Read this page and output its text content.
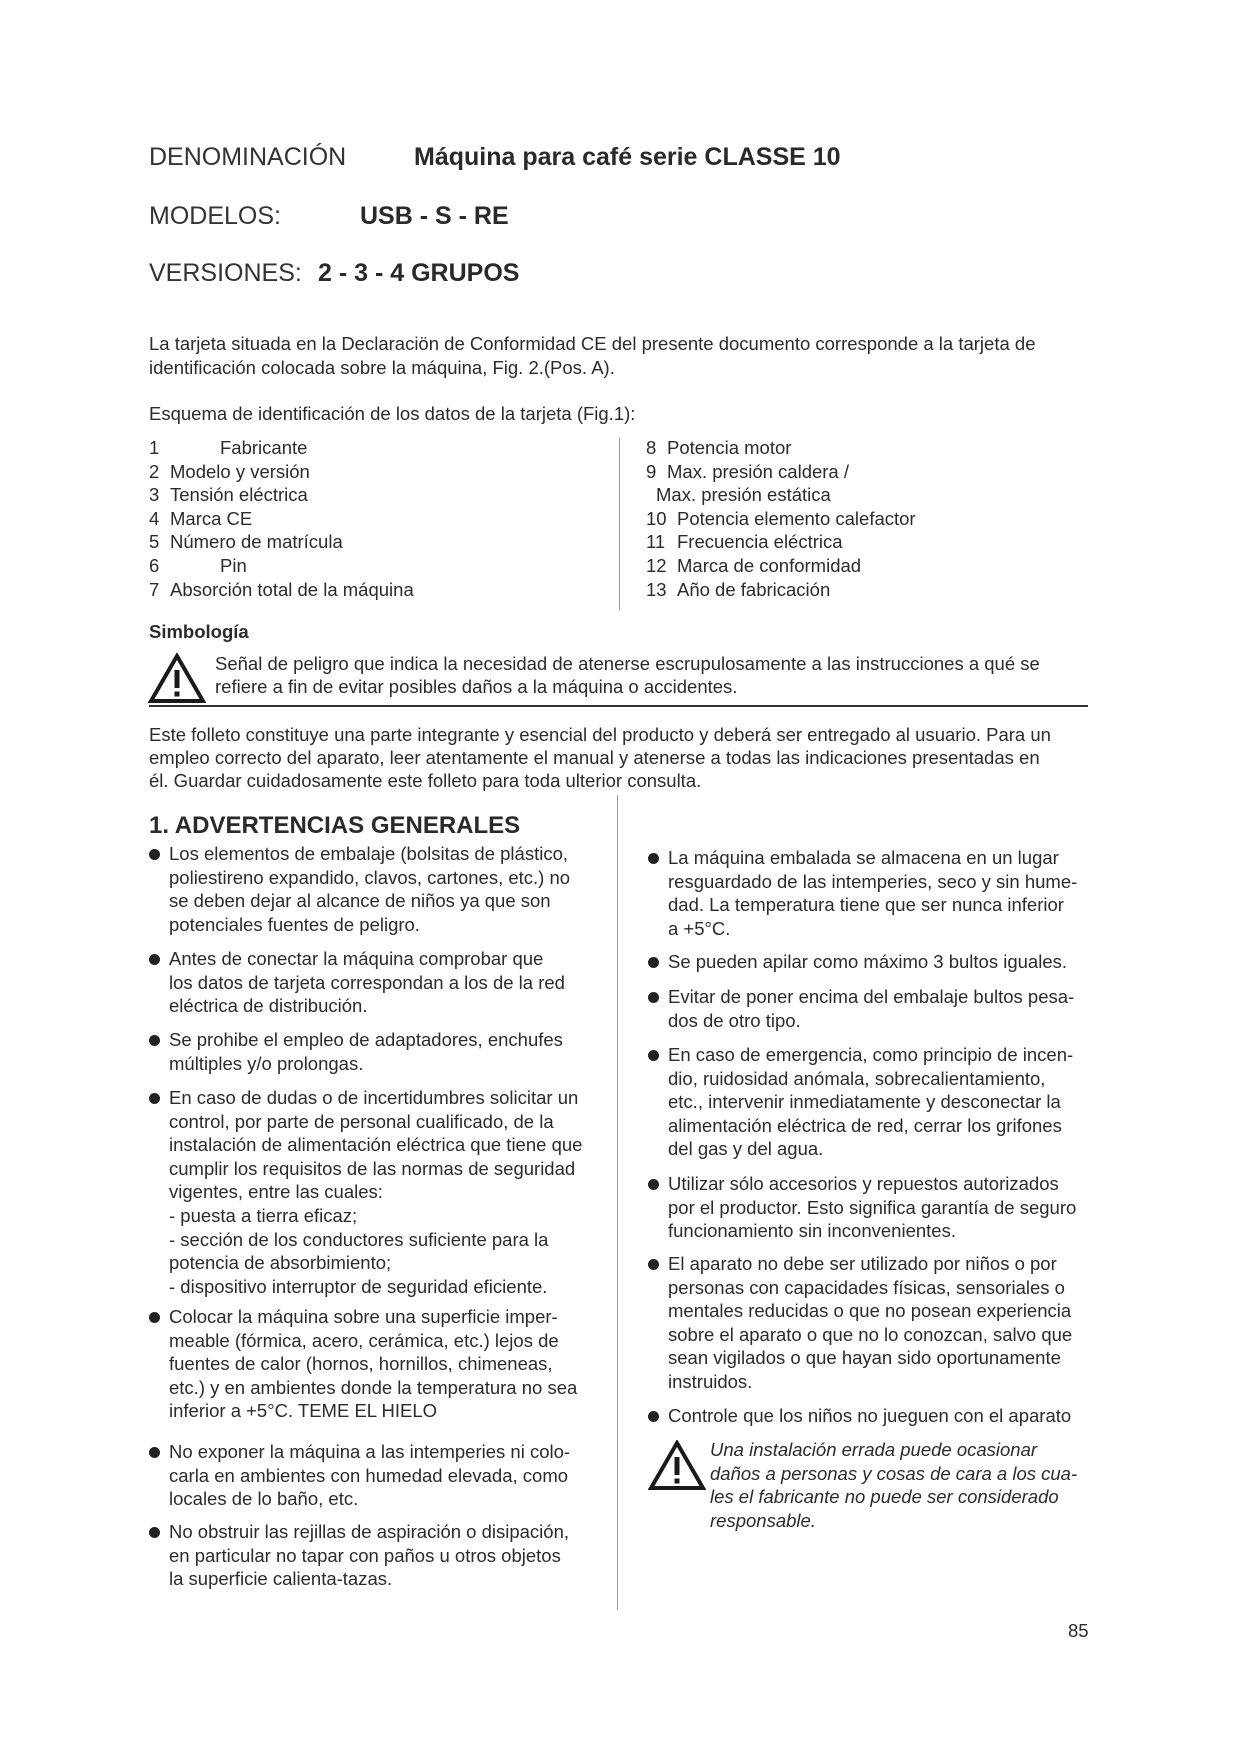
DENOMINACIÓN	Máquina para café serie CLASSE 10
MODELOS:	USB - S - RE
VERSIONES: 2 - 3 - 4 GRUPOS
La tarjeta situada en la Declaraciön de Conformidad CE del presente documento corresponde a la tarjeta de
identificación colocada sobre la máquina, Fig. 2.(Pos. A).
Esquema de identificación de los datos de la tarjeta (Fig.1):
1	Fabricante
2 Modelo y versión
3 Tensión eléctrica
4 Marca CE
5 Número de matrícula
6	Pin
7 Absorción total de la máquina
8 Potencia motor
9 Max. presión caldera /
Max. presión estática
10 Potencia elemento calefactor
11 Frecuencia eléctrica
12 Marca de conformidad
13 Año de fabricación
Simbología
Señal de peligro que indica la necesidad de atenerse escrupulosamente a las instrucciones a qué se
refiere a fin de evitar posibles daños a la máquina o accidentes.
Este folleto constituye una parte integrante y esencial del producto y deberá ser entregado al usuario. Para un
empleo correcto del aparato, leer atentamente el manual y atenerse a todas las indicaciones presentadas en
él. Guardar cuidadosamente este folleto para toda ulterior consulta.
1. ADVERTENCIAS GENERALES
Los elementos de embalaje (bolsitas de plástico,
poliestireno expandido, clavos, cartones, etc.) no
se deben dejar al alcance de niños ya que son
potenciales fuentes de peligro.
Antes de conectar la máquina comprobar que
los datos de tarjeta correspondan a los de la red
eléctrica de distribución.
Se prohibe el empleo de adaptadores, enchufes
múltiples y/o prolongas.
En caso de dudas o de incertidumbres solicitar un
control, por parte de personal cualificado, de la
instalación de alimentación eléctrica que tiene que
cumplir los requisitos de las normas de seguridad
vigentes, entre las cuales:
- puesta a tierra eficaz;
- sección de los conductores suficiente para la
potencia de absorbimiento;
- dispositivo interruptor de seguridad eficiente.
Colocar la máquina sobre una superficie imper-
meable (fórmica, acero, cerámica, etc.) lejos de
fuentes de calor (hornos, hornillos, chimeneas,
etc.) y en ambientes donde la temperatura no sea
inferior a +5°C. TEME EL HIELO
No exponer la máquina a las intemperies ni colo-
carla en ambientes con humedad elevada, como
locales de lo baño, etc.
No obstruir las rejillas de aspiración o disipación,
en particular no tapar con paños u otros objetos
la superficie calienta-tazas.
La máquina embalada se almacena en un lugar
resguardado de las intemperies, seco y sin hume-
dad. La temperatura tiene que ser nunca inferior
a +5°C.
Se pueden apilar como máximo 3 bultos iguales.
Evitar de poner encima del embalaje bultos pesa-
dos de otro tipo.
En caso de emergencia, como principio de incen-
dio, ruidosidad anómala, sobrecalientamiento,
etc., intervenir inmediatamente y desconectar la
alimentación eléctrica de red, cerrar los grifones
del gas y del agua.
Utilizar sólo accesorios y repuestos autorizados
por el productor. Esto significa garantía de seguro
funcionamiento sin inconvenientes.
El aparato no debe ser utilizado por niños o por
personas con capacidades físicas, sensoriales o
mentales reducidas o que no posean experiencia
sobre el aparato o que no lo conozcan, salvo que
sean vigilados o que hayan sido oportunamente
instruidos.
Controle que los niños no jueguen con el aparato
Una instalación errada puede ocasionar
daños a personas y cosas de cara a los cua-
les el fabricante no puede ser considerado
responsable.
85
